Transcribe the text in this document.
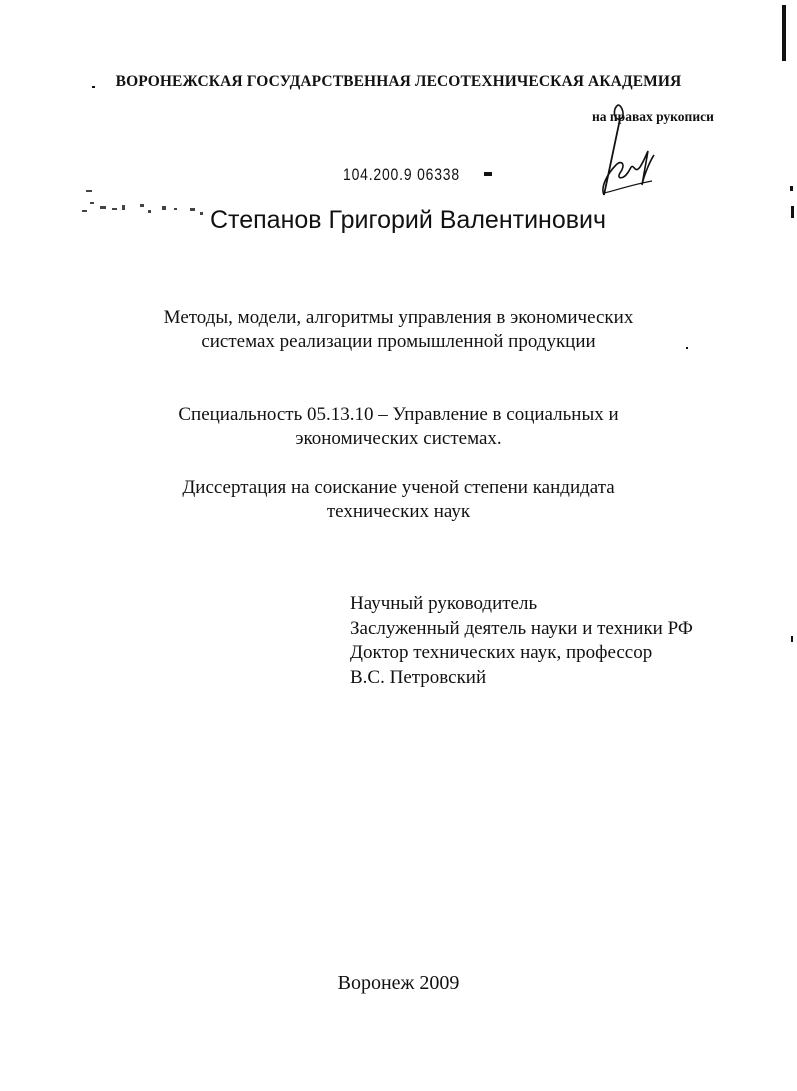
ВОРОНЕЖСКАЯ ГОСУДАРСТВЕННАЯ ЛЕСОТЕХНИЧЕСКАЯ АКАДЕМИЯ
на правах рукописи
104.200.9 06338
Степанов Григорий Валентинович
Методы, модели, алгоритмы управления в экономических
системах реализации промышленной продукции
Специальность 05.13.10 – Управление в социальных и
экономических системах.
Диссертация на соискание ученой степени кандидата
технических наук
Научный руководитель
Заслуженный деятель науки и техники РФ
Доктор технических наук, профессор
В.С. Петровский
Воронеж 2009
